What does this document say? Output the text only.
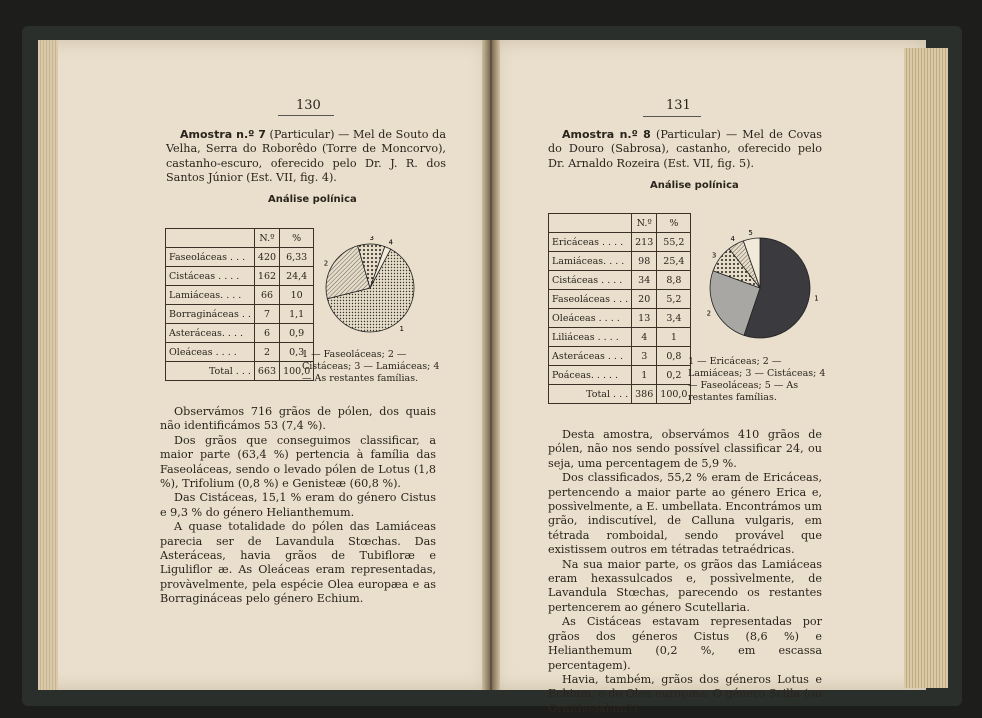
130

Amostra n.º 7 (Particular) — Mel de Souto da Velha, Serra do Roborêdo (Torre de Moncorvo), castanho-escuro, oferecido pelo Dr. J. R. dos Santos Júnior (Est. VII, fig. 4).

Análise polínica
	N.º	%
Faseoláceas . . .	420	6,33
Cistáceas . . . .	162	24,4
Lamiáceas. . . .	66	10
Borragináceas . .	7	1,1
Asteráceas. . . .	6	0,9
Oleáceas . . . .	2	0,3
Total . . .	663	100,0
1
2
3
4
1 — Faseoláceas; 2 — Cistáceas; 3 — Lamiáceas; 4 — As restantes famílias.

Observámos 716 grãos de pólen, dos quais não identificámos 53 (7,4 %).

Dos grãos que conseguimos classificar, a maior parte (63,4 %) pertencia à família das Faseoláceas, sendo o levado pólen de Lotus (1,8 %), Trifolium (0,8 %) e Genisteæ (60,8 %).

Das Cistáceas, 15,1 % eram do género Cistus e 9,3 % do género Helianthemum.

A quase totalidade do pólen das Lamiáceas parecia ser de Lavandula Stœchas. Das Asteráceas, havia grãos de Tubifloræ e Liguliflor æ. As Oleáceas eram representadas, provàvelmente, pela espécie Olea europæa e as Borragináceas pelo género Echium.

131

Amostra n.º 8 (Particular) — Mel de Covas do Douro (Sabrosa), castanho, oferecido pelo Dr. Arnaldo Rozeira (Est. VII, fig. 5).

Análise polínica
	N.º	%
Ericáceas . . . .	213	55,2
Lamiáceas. . . .	98	25,4
Cistáceas . . . .	34	8,8
Faseoláceas . . .	20	5,2
Oleáceas . . . .	13	3,4
Liliáceas . . . .	4	1
Asteráceas . . .	3	0,8
Poáceas. . . . .	1	0,2
Total . . .	386	100,0
1
2
3
4
5
1 — Ericáceas; 2 — Lamiáceas; 3 — Cistáceas; 4 — Faseoláceas; 5 — As restantes famílias.

Desta amostra, observámos 410 grãos de pólen, não nos sendo possível classificar 24, ou seja, uma percentagem de 5,9 %.

Dos classificados, 55,2 % eram de Ericáceas, pertencendo a maior parte ao género Erica e, possìvelmente, a E. umbellata. Encontrámos um grão, indiscutível, de Calluna vulgaris, em tétrada romboidal, sendo provável que existissem outros em tétradas tetraédricas.

Na sua maior parte, os grãos das Lamiáceas eram hexassulcados e, possìvelmente, de Lavandula Stœchas, parecendo os restantes pertencerem ao género Scutellaria.

As Cistáceas estavam representadas por grãos dos géneros Cistus (8,6 %) e Helianthemum (0,2 %, em escassa percentagem).

Havia, também, grãos dos géneros Lotus e Echium, e de Olea europæa. O género Scilla (ou Ornithogalum?)
